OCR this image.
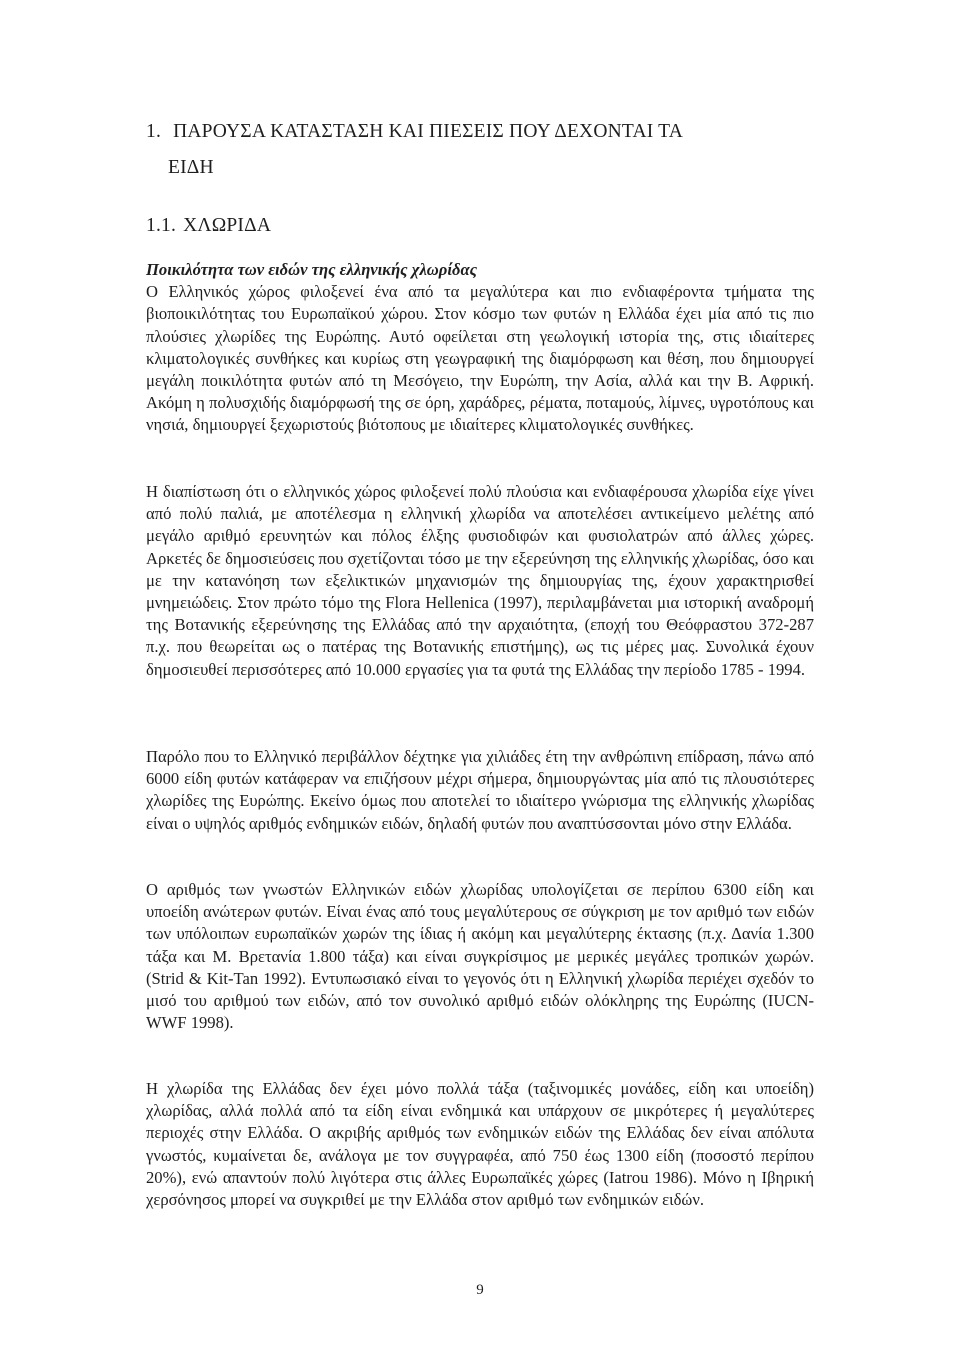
1. ΠΑΡΟΥΣΑ ΚΑΤΑΣΤΑΣΗ ΚΑΙ ΠΙΕΣΕΙΣ ΠΟΥ ΔΕΧΟΝΤΑΙ ΤΑ
ΕΙΔΗ
1.1. ΧΛΩΡΙΔΑ
Ποικιλότητα των ειδών της ελληνικής χλωρίδας

Ο Ελληνικός χώρος φιλοξενεί ένα από τα μεγαλύτερα και πιο ενδιαφέροντα τμήματα της βιοποικιλότητας του Ευρωπαϊκού χώρου. Στον κόσμο των φυτών η Ελλάδα έχει μία από τις πιο πλούσιες χλωρίδες της Ευρώπης. Αυτό οφείλεται στη γεωλογική ιστορία της, στις ιδιαίτερες κλιματολογικές συνθήκες και κυρίως στη γεωγραφική της διαμόρφωση και θέση, που δημιουργεί μεγάλη ποικιλότητα φυτών από τη Μεσόγειο, την Ευρώπη, την Ασία, αλλά και την Β. Αφρική. Ακόμη η πολυσχιδής διαμόρφωσή της σε όρη, χαράδρες, ρέματα, ποταμούς, λίμνες, υγροτόπους και νησιά, δημιουργεί ξεχωριστούς βιότοπους με ιδιαίτερες κλιματολογικές συνθήκες.

Η διαπίστωση ότι ο ελληνικός χώρος φιλοξενεί πολύ πλούσια και ενδιαφέρουσα χλωρίδα είχε γίνει από πολύ παλιά, με αποτέλεσμα η ελληνική χλωρίδα να αποτελέσει αντικείμενο μελέτης από μεγάλο αριθμό ερευνητών και πόλος έλξης φυσιοδιφών και φυσιολατρών από άλλες χώρες. Αρκετές δε δημοσιεύσεις που σχετίζονται τόσο με την εξερεύνηση της ελληνικής χλωρίδας, όσο και με την κατανόηση των εξελικτικών μηχανισμών της δημιουργίας της, έχουν χαρακτηρισθεί μνημειώδεις. Στον πρώτο τόμο της Flora Hellenica (1997), περιλαμβάνεται μια ιστορική αναδρομή της Βοτανικής εξερεύνησης της Ελλάδας από την αρχαιότητα, (εποχή του Θεόφραστου 372-287 π.χ. που θεωρείται ως ο πατέρας της Βοτανικής επιστήμης), ως τις μέρες μας. Συνολικά έχουν δημοσιευθεί περισσότερες από 10.000 εργασίες για τα φυτά της Ελλάδας την περίοδο 1785 - 1994.

Παρόλο που το Ελληνικό περιβάλλον δέχτηκε για χιλιάδες έτη την ανθρώπινη επίδραση, πάνω από 6000 είδη φυτών κατάφεραν να επιζήσουν μέχρι σήμερα, δημιουργώντας μία από τις πλουσιότερες χλωρίδες της Ευρώπης. Εκείνο όμως που αποτελεί το ιδιαίτερο γνώρισμα της ελληνικής χλωρίδας είναι ο υψηλός αριθμός ενδημικών ειδών, δηλαδή φυτών που αναπτύσσονται μόνο στην Ελλάδα.

Ο αριθμός των γνωστών Ελληνικών ειδών χλωρίδας υπολογίζεται σε περίπου 6300 είδη και υποείδη ανώτερων φυτών. Είναι ένας από τους μεγαλύτερους σε σύγκριση με τον αριθμό των ειδών των υπόλοιπων ευρωπαϊκών χωρών της ίδιας ή ακόμη και μεγαλύτερης έκτασης (π.χ. Δανία 1.300 τάξα και Μ. Βρετανία 1.800 τάξα) και είναι συγκρίσιμος με μερικές μεγάλες τροπικών χωρών. (Strid & Kit-Tan 1992). Εντυπωσιακό είναι το γεγονός ότι η Ελληνική χλωρίδα περιέχει σχεδόν το μισό του αριθμού των ειδών, από τον συνολικό αριθμό ειδών ολόκληρης της Ευρώπης (IUCN-WWF 1998).

Η χλωρίδα της Ελλάδας δεν έχει μόνο πολλά τάξα (ταξινομικές μονάδες, είδη και υποείδη) χλωρίδας, αλλά πολλά από τα είδη είναι ενδημικά και υπάρχουν σε μικρότερες ή μεγαλύτερες περιοχές στην Ελλάδα. Ο ακριβής αριθμός των ενδημικών ειδών της Ελλάδας δεν είναι απόλυτα γνωστός, κυμαίνεται δε, ανάλογα με τον συγγραφέα, από 750 έως 1300 είδη (ποσοστό περίπου 20%), ενώ απαντούν πολύ λιγότερα στις άλλες Ευρωπαϊκές χώρες (Iatrou 1986). Μόνο η Ιβηρική χερσόνησος μπορεί να συγκριθεί με την Ελλάδα στον αριθμό των ενδημικών ειδών.

9
